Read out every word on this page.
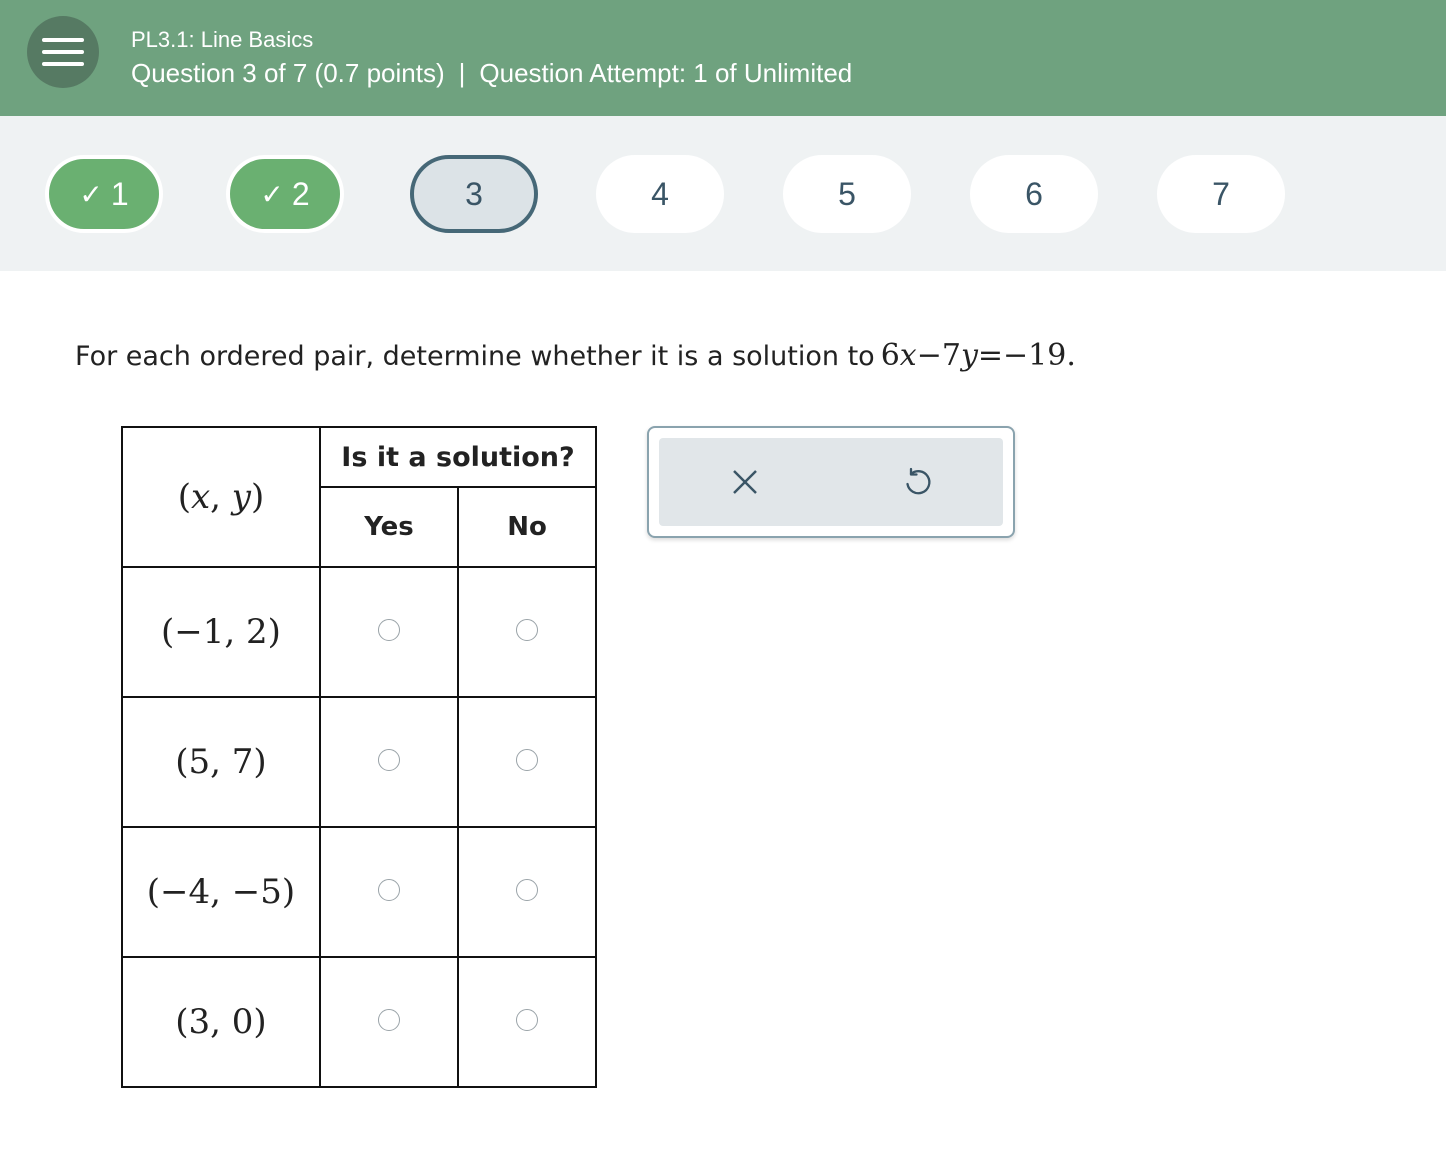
PL3.1: Line Basics
Question 3 of 7 (0.7 points) | Question Attempt: 1 of Unlimited
✓ 1	✓ 2	3	4	5	6	7
For each ordered pair, determine whether it is a solution to 6x−7y=−19.
(x, y)	Is it a solution?	
	Yes	No
(−1, 2)		
(5, 7)		
(−4, −5)		
(3, 0)		
